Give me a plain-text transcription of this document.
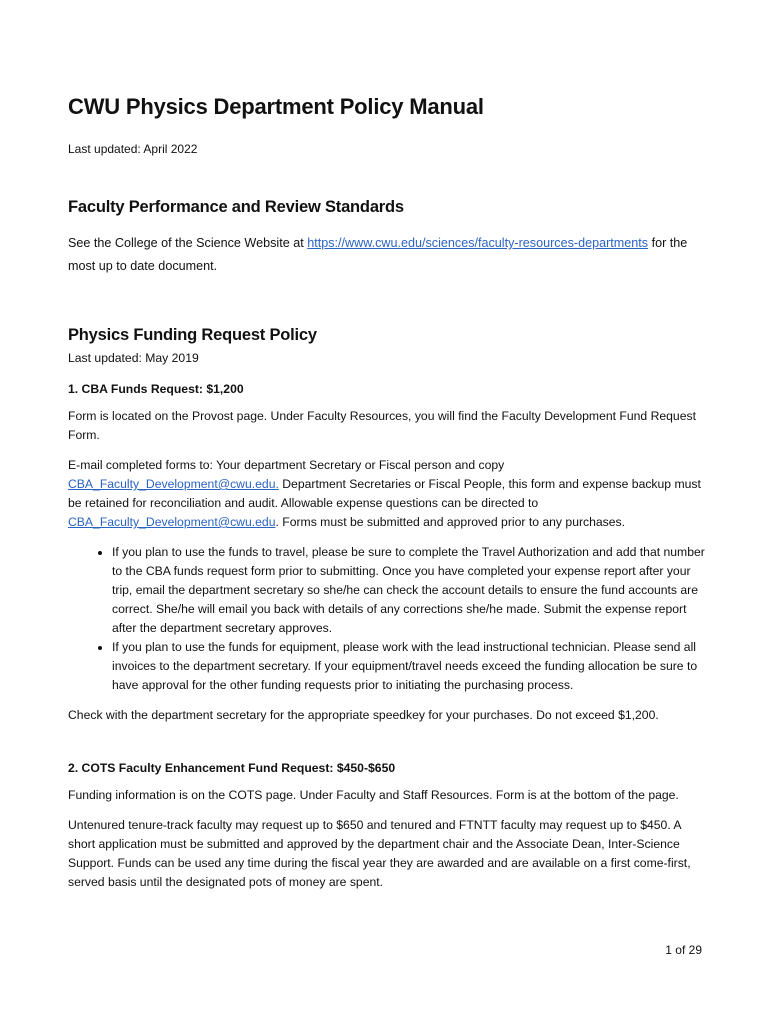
CWU Physics Department Policy Manual
Last updated: April 2022
Faculty Performance and Review Standards

See the College of the Science Website at https://www.cwu.edu/sciences/faculty-resources-departments for the most up to date document.

Physics Funding Request Policy

Last updated: May 2019

1. CBA Funds Request: $1,200

Form is located on the Provost page. Under Faculty Resources, you will find the Faculty Development Fund Request Form.

E-mail completed forms to: Your department Secretary or Fiscal person and copy CBA_Faculty_Development@cwu.edu. Department Secretaries or Fiscal People, this form and expense backup must be retained for reconciliation and audit. Allowable expense questions can be directed to CBA_Faculty_Development@cwu.edu. Forms must be submitted and approved prior to any purchases.

• If you plan to use the funds to travel, please be sure to complete the Travel Authorization and add that number to the CBA funds request form prior to submitting. Once you have completed your expense report after your trip, email the department secretary so she/he can check the account details to ensure the fund accounts are correct. She/he will email you back with details of any corrections she/he made. Submit the expense report after the department secretary approves.
• If you plan to use the funds for equipment, please work with the lead instructional technician. Please send all invoices to the department secretary. If your equipment/travel needs exceed the funding allocation be sure to have approval for the other funding requests prior to initiating the purchasing process.

Check with the department secretary for the appropriate speedkey for your purchases. Do not exceed $1,200.

2. COTS Faculty Enhancement Fund Request: $450-$650

Funding information is on the COTS page. Under Faculty and Staff Resources. Form is at the bottom of the page.

Untenured tenure-track faculty may request up to $650 and tenured and FTNTT faculty may request up to $450. A short application must be submitted and approved by the department chair and the Associate Dean, Inter-Science Support. Funds can be used any time during the fiscal year they are awarded and are available on a first come-first, served basis until the designated pots of money are spent.

1 of 29
